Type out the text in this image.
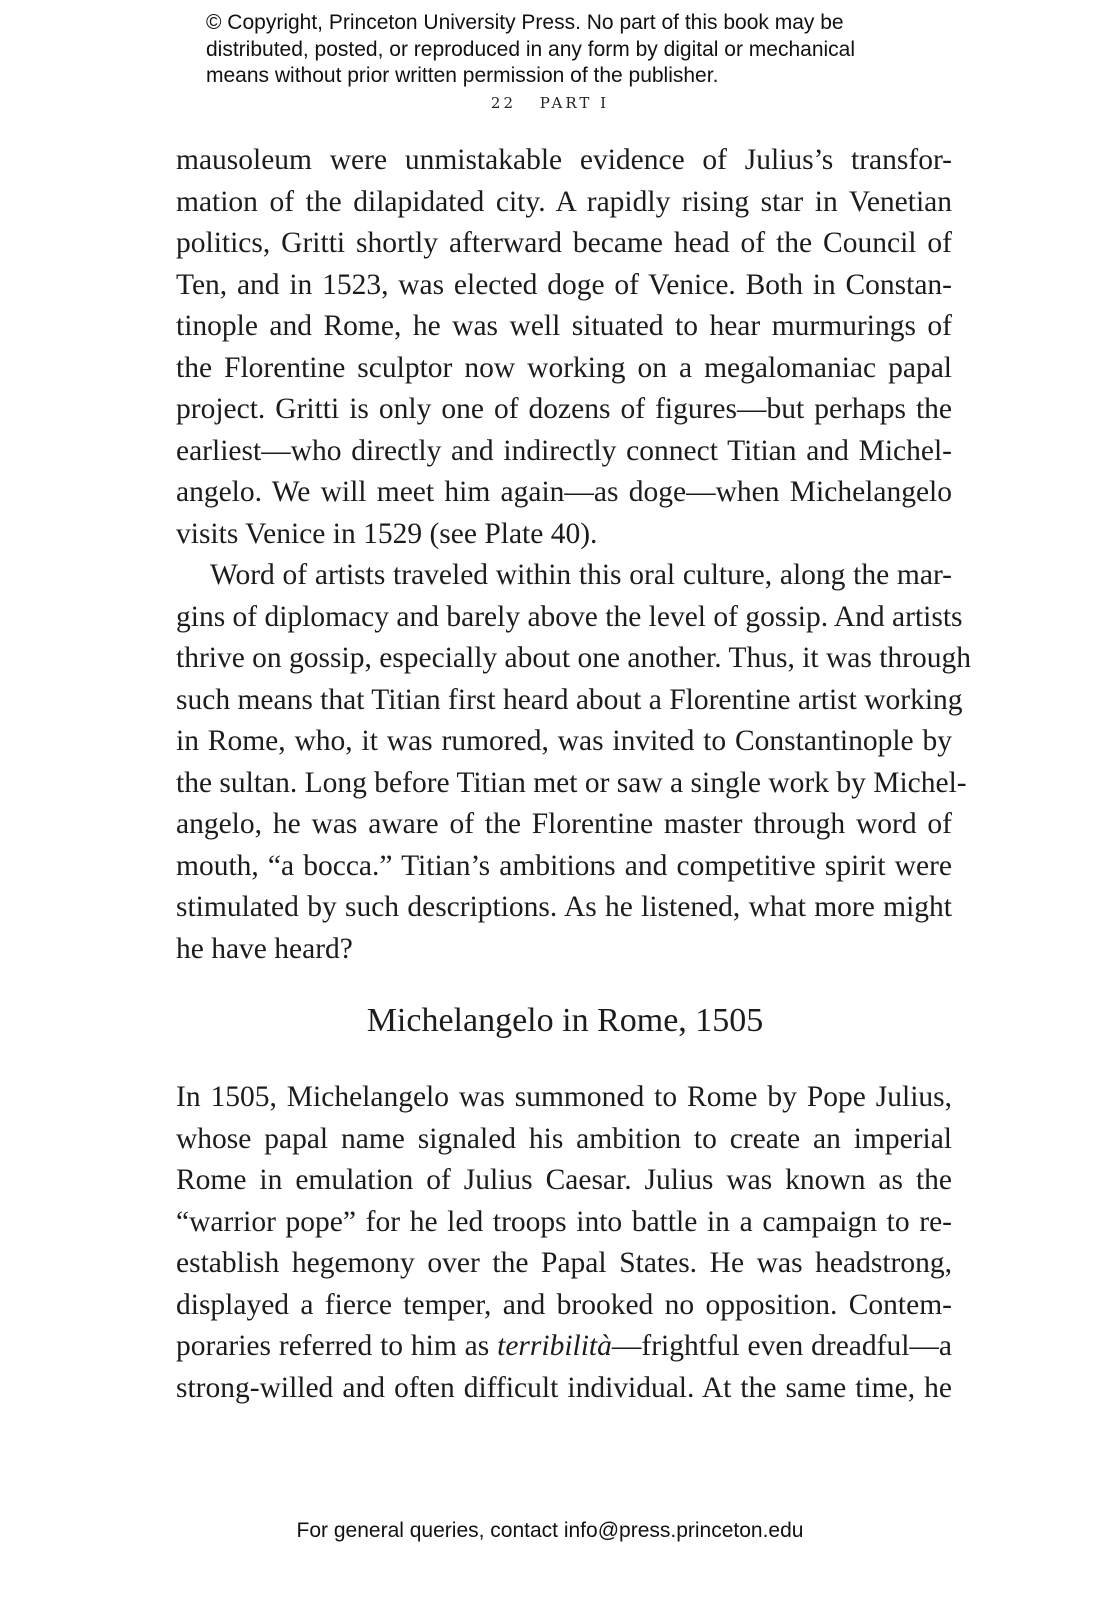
© Copyright, Princeton University Press. No part of this book may be
distributed, posted, or reproduced in any form by digital or mechanical
means without prior written permission of the publisher.
22 PART I
mausoleum were unmistakable evidence of Julius’s transfor-
mation of the dilapidated city. A rapidly rising star in Venetian
politics, Gritti shortly afterward became head of the Council of
Ten, and in 1523, was elected doge of Venice. Both in Constan-
tinople and Rome, he was well situated to hear murmurings of
the Florentine sculptor now working on a megalomaniac papal
project. Gritti is only one of dozens of figures—but perhaps the
earliest—who directly and indirectly connect Titian and Michel-
angelo. We will meet him again—as doge—when Michelangelo
visits Venice in 1529 (see Plate 40).
Word of artists traveled within this oral culture, along the mar-
gins of diplomacy and barely above the level of gossip. And artists
thrive on gossip, especially about one another. Thus, it was through
such means that Titian first heard about a Florentine artist working
in Rome, who, it was rumored, was invited to Constantinople by
the sultan. Long before Titian met or saw a single work by Michel-
angelo, he was aware of the Florentine master through word of
mouth, “a bocca.” Titian’s ambitions and competitive spirit were
stimulated by such descriptions. As he listened, what more might
he have heard?
Michelangelo in Rome, 1505
In 1505, Michelangelo was summoned to Rome by Pope Julius,
whose papal name signaled his ambition to create an imperial
Rome in emulation of Julius Caesar. Julius was known as the
“warrior pope” for he led troops into battle in a campaign to re-
establish hegemony over the Papal States. He was headstrong,
displayed a fierce temper, and brooked no opposition. Contem-
poraries referred to him as terribilità—frightful even dreadful—a
strong-willed and often difficult individual. At the same time, he
For general queries, contact info@press.princeton.edu
